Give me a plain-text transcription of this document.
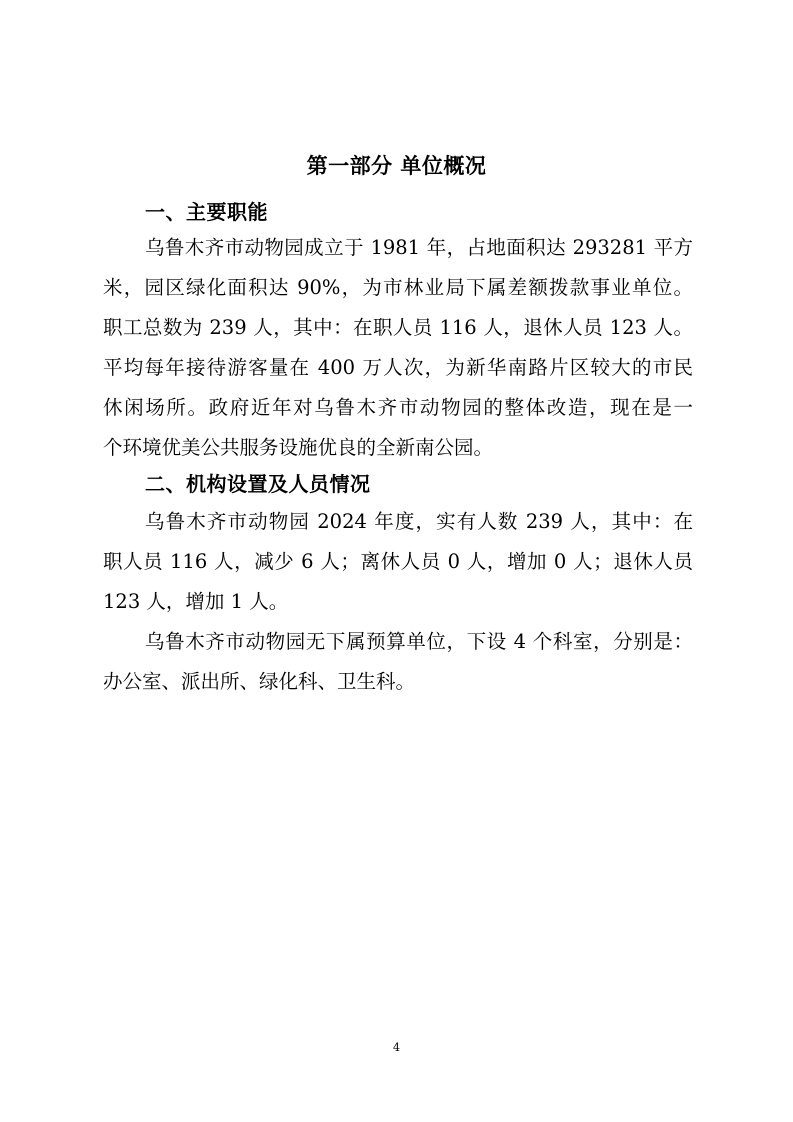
第一部分 单位概况
一、主要职能
乌鲁木齐市动物园成立于 1981 年，占地面积达 293281 平方
米，园区绿化面积达 90%，为市林业局下属差额拨款事业单位。
职工总数为 239 人，其中：在职人员 116 人，退休人员 123 人。
平均每年接待游客量在 400 万人次，为新华南路片区较大的市民
休闲场所。政府近年对乌鲁木齐市动物园的整体改造，现在是一
个环境优美公共服务设施优良的全新南公园。
二、机构设置及人员情况
乌鲁木齐市动物园 2024 年度，实有人数 239 人，其中：在
职人员 116 人，减少 6 人；离休人员 0 人，增加 0 人；退休人员
123 人，增加 1 人。
乌鲁木齐市动物园无下属预算单位，下设 4 个科室，分别是：
办公室、派出所、绿化科、卫生科。
4
